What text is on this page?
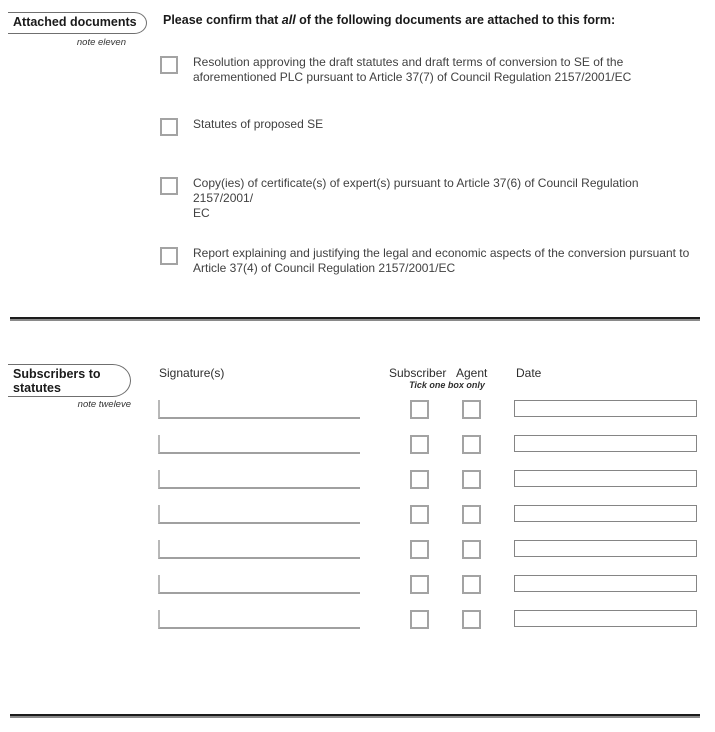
Attached documents
note eleven
Please confirm that all of the following documents are attached to this form:
Resolution approving the draft statutes and draft terms of conversion to SE of the
aforementioned PLC pursuant to Article 37(7) of Council Regulation 2157/2001/EC
Statutes of proposed SE
Copy(ies) of certificate(s) of expert(s) pursuant to Article 37(6) of Council Regulation 2157/2001/
EC
Report explaining and justifying the legal and economic aspects of the conversion pursuant to
Article 37(4) of Council Regulation 2157/2001/EC
Subscribers to
statutes
note tweleve
Signature(s)	Subscriber Agent Date
Tick one box only
